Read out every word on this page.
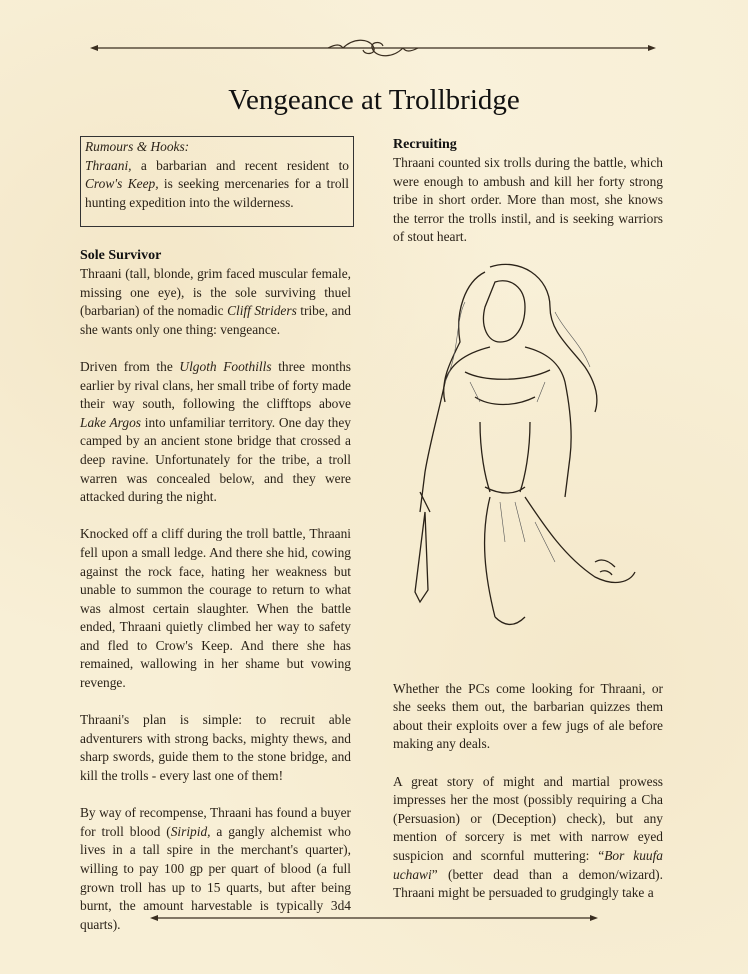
Vengeance at Trollbridge
Rumours & Hooks:
Thraani, a barbarian and recent resident to Crow's Keep, is seeking mercenaries for a troll hunting expedition into the wilderness.
Sole Survivor

Thraani (tall, blonde, grim faced muscular female, missing one eye), is the sole surviving thuel (barbarian) of the nomadic Cliff Striders tribe, and she wants only one thing: vengeance.

Driven from the Ulgoth Foothills three months earlier by rival clans, her small tribe of forty made their way south, following the clifftops above Lake Argos into unfamiliar territory. One day they camped by an ancient stone bridge that crossed a deep ravine. Unfortunately for the tribe, a troll warren was concealed below, and they were attacked during the night.

Knocked off a cliff during the troll battle, Thraani fell upon a small ledge. And there she hid, cowing against the rock face, hating her weakness but unable to summon the courage to return to what was almost certain slaughter. When the battle ended, Thraani quietly climbed her way to safety and fled to Crow's Keep. And there she has remained, wallowing in her shame but vowing revenge.

Thraani's plan is simple: to recruit able adventurers with strong backs, mighty thews, and sharp swords, guide them to the stone bridge, and kill the trolls - every last one of them!

By way of recompense, Thraani has found a buyer for troll blood (Siripid, a gangly alchemist who lives in a tall spire in the merchant's quarter), willing to pay 100 gp per quart of blood (a full grown troll has up to 15 quarts, but after being burnt, the amount harvestable is typically 3d4 quarts).

Recruiting

Thraani counted six trolls during the battle, which were enough to ambush and kill her forty strong tribe in short order. More than most, she knows the terror the trolls instil, and is seeking warriors of stout heart.

Whether the PCs come looking for Thraani, or she seeks them out, the barbarian quizzes them about their exploits over a few jugs of ale before making any deals.

A great story of might and martial prowess impresses her the most (possibly requiring a Cha (Persuasion) or (Deception) check), but any mention of sorcery is met with narrow eyed suspicion and scornful muttering: “Bor kuufa uchawi” (better dead than a demon/wizard). Thraani might be persuaded to grudgingly take a
